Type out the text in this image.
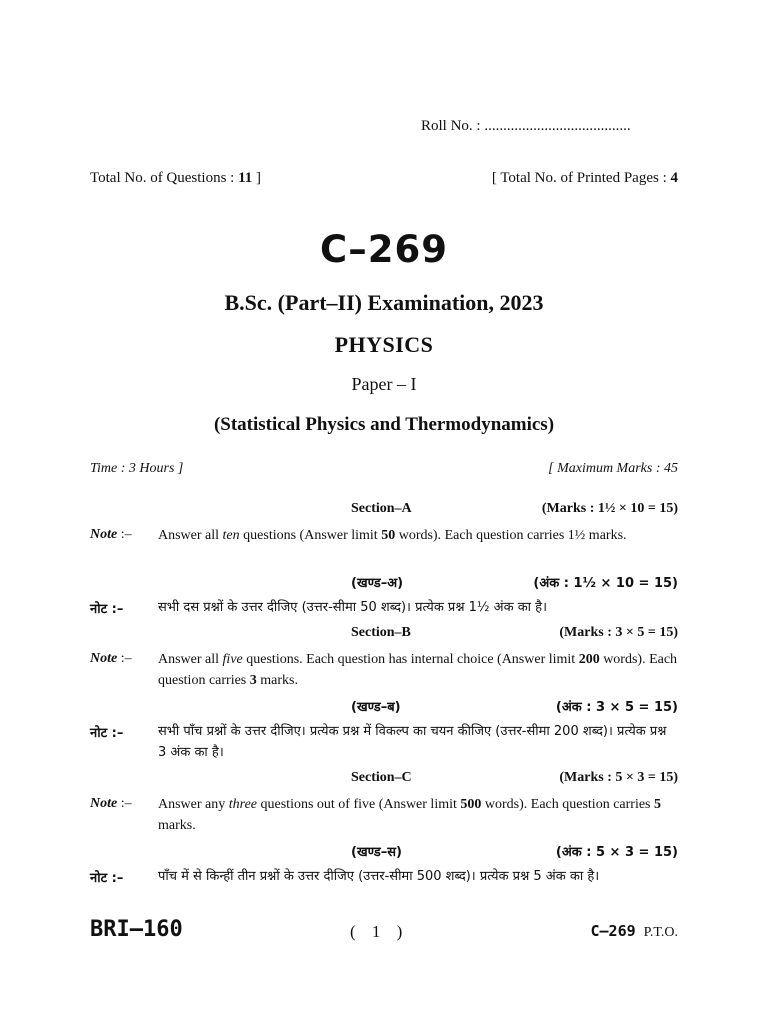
Roll No. : .......................................
Total No. of Questions : 11 ]	[ Total No. of Printed Pages : 4
C–269
B.Sc. (Part–II) Examination, 2023
PHYSICS
Paper – I
(Statistical Physics and Thermodynamics)
Time : 3 Hours ]	[ Maximum Marks : 45
Section–A	(Marks : 1½ × 10 = 15)
Note :– Answer all ten questions (Answer limit 50 words). Each question carries 1½ marks.
(खण्ड–अ)	(अंक : 1½ × 10 = 15)
नोट :–	सभी दस प्रश्नों के उत्तर दीजिए (उत्तर-सीमा 50 शब्द)। प्रत्येक प्रश्न 1½ अंक का है।
Section–B	(Marks : 3 × 5 = 15)
Note :– Answer all five questions. Each question has internal choice (Answer limit 200 words). Each question carries 3 marks.
(खण्ड–ब)	(अंक : 3 × 5 = 15)
नोट :–	सभी पाँच प्रश्नों के उत्तर दीजिए। प्रत्येक प्रश्न में विकल्प का चयन कीजिए (उत्तर-सीमा 200 शब्द)। प्रत्येक प्रश्न 3 अंक का है।
Section–C	(Marks : 5 × 3 = 15)
Note :– Answer any three questions out of five (Answer limit 500 words). Each question carries 5 marks.
(खण्ड–स)	(अंक : 5 × 3 = 15)
नोट :–	पाँच में से किन्हीं तीन प्रश्नों के उत्तर दीजिए (उत्तर-सीमा 500 शब्द)। प्रत्येक प्रश्न 5 अंक का है।
BRI–160	( 1 )	C–269 P.T.O.
